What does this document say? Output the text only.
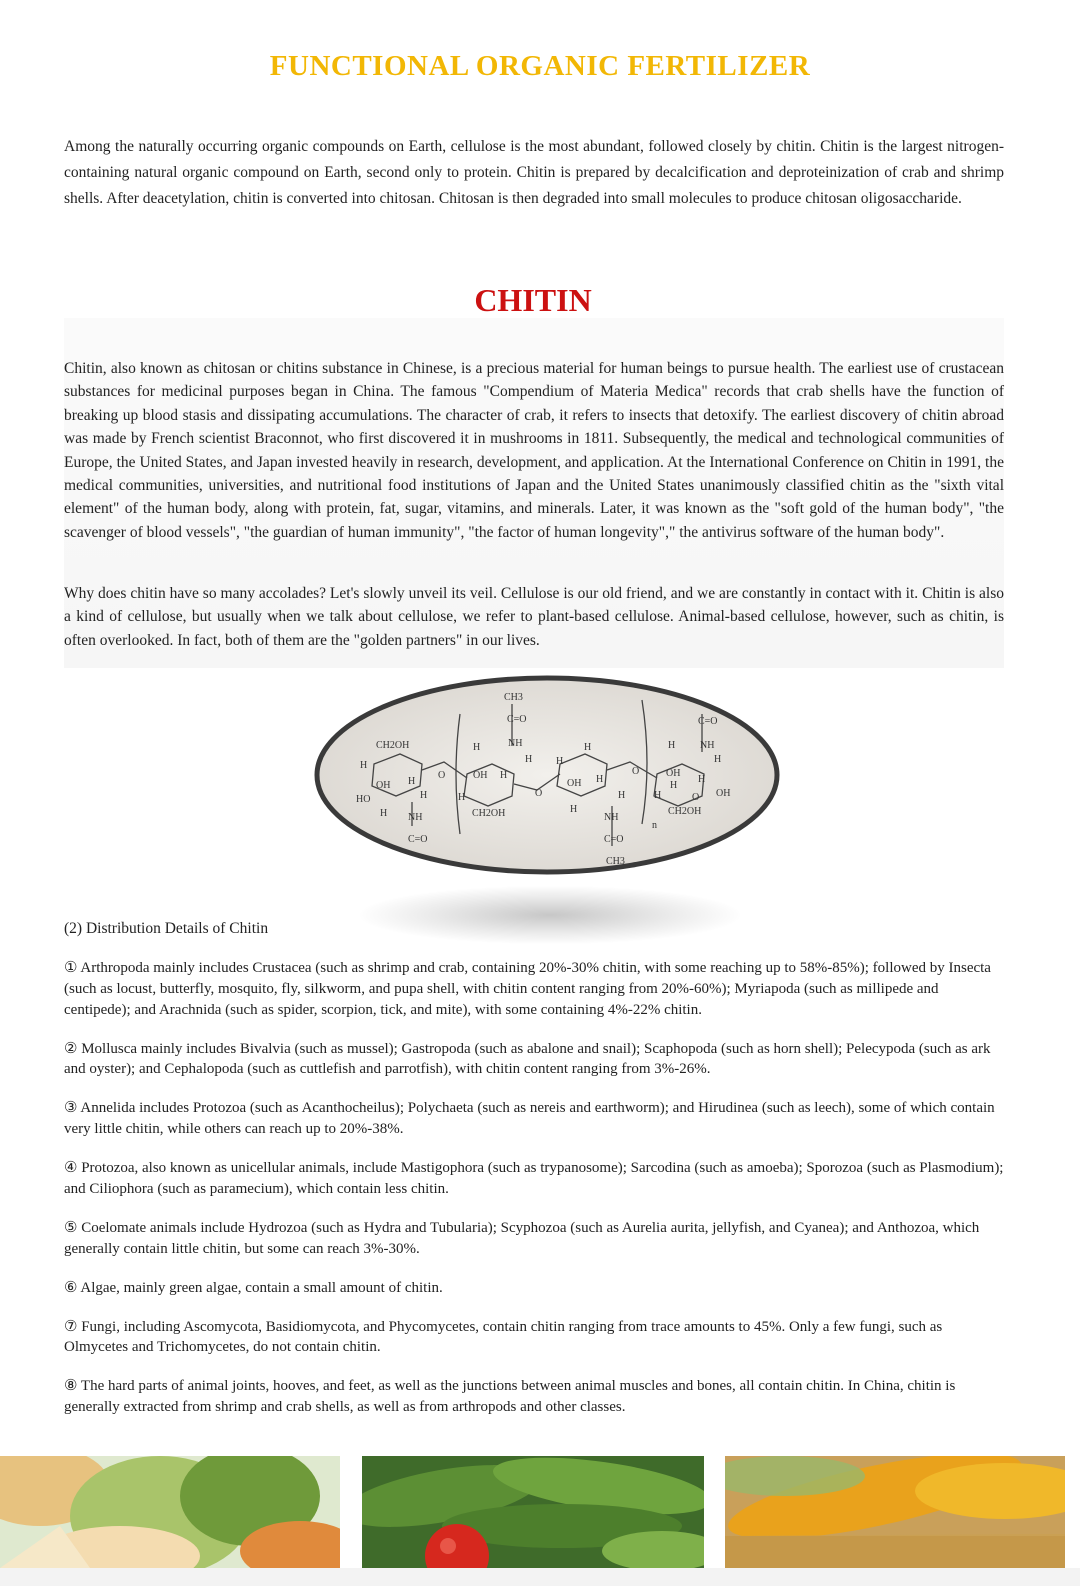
FUNCTIONAL ORGANIC FERTILIZER
Among the naturally occurring organic compounds on Earth, cellulose is the most abundant, followed closely by chitin. Chitin is the largest nitrogen-containing natural organic compound on Earth, second only to protein. Chitin is prepared by decalcification and deproteinization of crab and shrimp shells. After deacetylation, chitin is converted into chitosan. Chitosan is then degraded into small molecules to produce chitosan oligosaccharide.
CHITIN
Chitin, also known as chitosan or chitins substance in Chinese, is a precious material for human beings to pursue health. The earliest use of crustacean substances for medicinal purposes began in China. The famous "Compendium of Materia Medica" records that crab shells have the function of breaking up blood stasis and dissipating accumulations. The character of crab, it refers to insects that detoxify. The earliest discovery of chitin abroad was made by French scientist Braconnot, who first discovered it in mushrooms in 1811. Subsequently, the medical and technological communities of Europe, the United States, and Japan invested heavily in research, development, and application. At the International Conference on Chitin in 1991, the medical communities, universities, and nutritional food institutions of Japan and the United States unanimously classified chitin as the "sixth vital element" of the human body, along with protein, fat, sugar, vitamins, and minerals. Later, it was known as the "soft gold of the human body", "the scavenger of blood vessels", "the guardian of human immunity", "the factor of human longevity"," the antivirus software of the human body".
Why does chitin have so many accolades? Let's slowly unveil its veil. Cellulose is our old friend, and we are constantly in contact with it. Chitin is also a kind of cellulose, but usually when we talk about cellulose, we refer to plant-based cellulose. Animal-based cellulose, however, such as chitin, is often overlooked. In fact, both of them are the "golden partners" in our lives.
CH3
C=O
NH
CH2OH	H
H H
H
OH H
O
O
OH H
H
HO	H
H NH
C=O
CH2OH	H
H
O
OH H
H
NH
C=O
CH3
n
C=O
NH
H
H
OH
H
H
O OH
CH2OH
H
(2) Distribution Details of Chitin
① Arthropoda mainly includes Crustacea (such as shrimp and crab, containing 20%-30% chitin, with some reaching up to 58%-85%); followed by Insecta (such as locust, butterfly, mosquito, fly, silkworm, and pupa shell, with chitin content ranging from 20%-60%); Myriapoda (such as millipede and centipede); and Arachnida (such as spider, scorpion, tick, and mite), with some containing 4%-22% chitin.
② Mollusca mainly includes Bivalvia (such as mussel); Gastropoda (such as abalone and snail); Scaphopoda (such as horn shell); Pelecypoda (such as ark and oyster); and Cephalopoda (such as cuttlefish and parrotfish), with chitin content ranging from 3%-26%.
③ Annelida includes Protozoa (such as Acanthocheilus); Polychaeta (such as nereis and earthworm); and Hirudinea (such as leech), some of which contain very little chitin, while others can reach up to 20%-38%.
④ Protozoa, also known as unicellular animals, include Mastigophora (such as trypanosome); Sarcodina (such as amoeba); Sporozoa (such as Plasmodium); and Ciliophora (such as paramecium), which contain less chitin.
⑤ Coelomate animals include Hydrozoa (such as Hydra and Tubularia); Scyphozoa (such as Aurelia aurita, jellyfish, and Cyanea); and Anthozoa, which generally contain little chitin, but some can reach 3%-30%.
⑥ Algae, mainly green algae, contain a small amount of chitin.
⑦ Fungi, including Ascomycota, Basidiomycota, and Phycomycetes, contain chitin ranging from trace amounts to 45%. Only a few fungi, such as Olmycetes and Trichomycetes, do not contain chitin.
⑧ The hard parts of animal joints, hooves, and feet, as well as the junctions between animal muscles and bones, all contain chitin. In China, chitin is generally extracted from shrimp and crab shells, as well as from arthropods and other classes.
